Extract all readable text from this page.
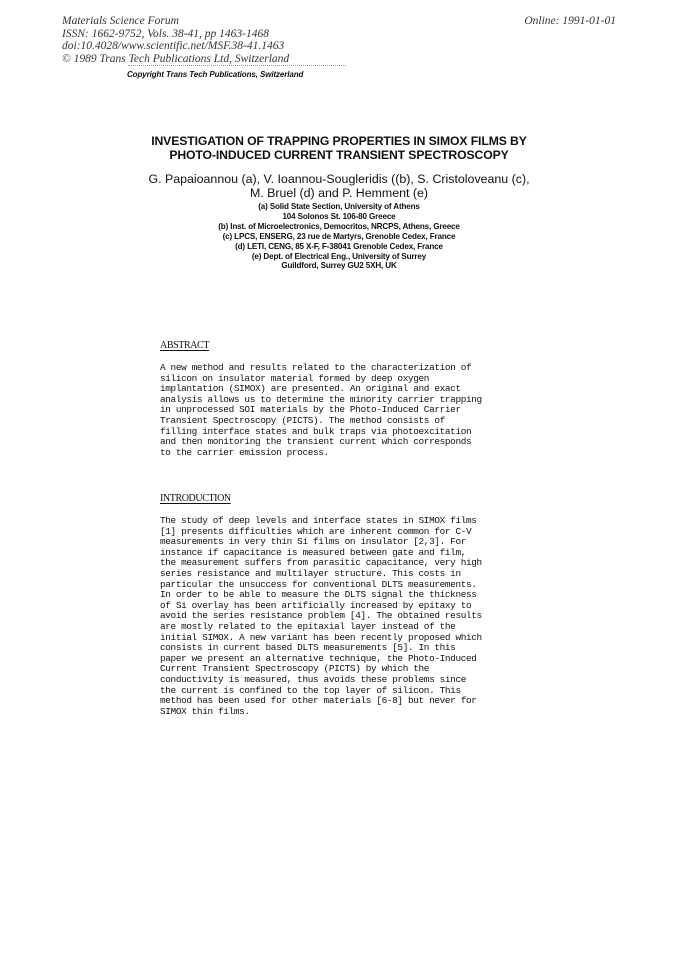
Materials Science Forum
ISSN: 1662-9752, Vols. 38-41, pp 1463-1468
doi:10.4028/www.scientific.net/MSF.38-41.1463
© 1989 Trans Tech Publications Ltd, Switzerland
Online: 1991-01-01
Copyright Trans Tech Publications, Switzerland
INVESTIGATION OF TRAPPING PROPERTIES IN SIMOX FILMS BY
PHOTO-INDUCED CURRENT TRANSIENT SPECTROSCOPY
G. Papaioannou (a), V. Ioannou-Sougleridis ((b), S. Cristoloveanu (c),
M. Bruel (d) and P. Hemment (e)
(a) Solid State Section, University of Athens
104 Solonos St. 106-80 Greece
(b) Inst. of Microelectronics, Democritos, NRCPS, Athens, Greece
(c) LPCS, ENSERG, 23 rue de Martyrs, Grenoble Cedex, France
(d) LETI, CENG, 85 X-F, F-38041 Grenoble Cedex, France
(e) Dept. of Electrical Eng., University of Surrey
Guildford, Surrey GU2 5XH, UK
ABSTRACT
A new method and results related to the characterization of
silicon on insulator material formed by deep oxygen
implantation (SIMOX) are presented. An original and exact
analysis allows us to determine the minority carrier trapping
in unprocessed SOI materials by the Photo-Induced Carrier
Transient Spectroscopy (PICTS). The method consists of
filling interface states and bulk traps via photoexcitation
and then monitoring the transient current which corresponds
to the carrier emission process.
INTRODUCTION
The study of deep levels and interface states in SIMOX films
[1] presents difficulties which are inherent common for C-V
measurements in very thin Si films on insulator [2,3]. For
instance if capacitance is measured between gate and film,
the measurement suffers from parasitic capacitance, very high
series resistance and multilayer structure. This costs in
particular the unsuccess for conventional DLTS measurements.
In order to be able to measure the DLTS signal the thickness
of Si overlay has been artificially increased by epitaxy to
avoid the series resistance problem [4]. The obtained results
are mostly related to the epitaxial layer instead of the
initial SIMOX. A new variant has been recently proposed which
consists in current based DLTS measurements [5]. In this
paper we present an alternative technique, the Photo-Induced
Current Transient Spectroscopy (PICTS) by which the
conductivity is measured, thus avoids these problems since
the current is confined to the top layer of silicon. This
method has been used for other materials [6-8] but never for
SIMOX thin films.
